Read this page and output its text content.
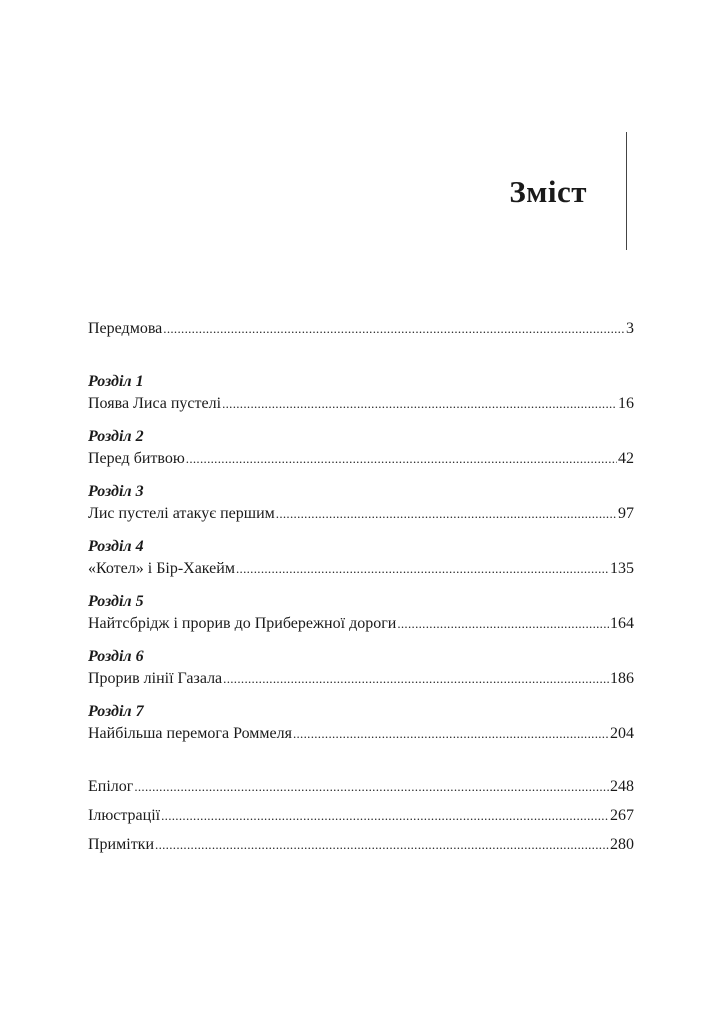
Зміст
Передмова .....	3
Розділ 1
Поява Лиса пустелі .....	16
Розділ 2
Перед битвою .....	42
Розділ 3
Лис пустелі атакує першим .....	97
Розділ 4
«Котел» і Бір-Хакейм .....	135
Розділ 5
Найтсбрідж і прорив до Прибережної дороги .....	164
Розділ 6
Прорив лінії Газала .....	186
Розділ 7
Найбільша перемога Роммеля .....	204
Епілог .....	248
Ілюстрації .....	267
Примітки .....	280
